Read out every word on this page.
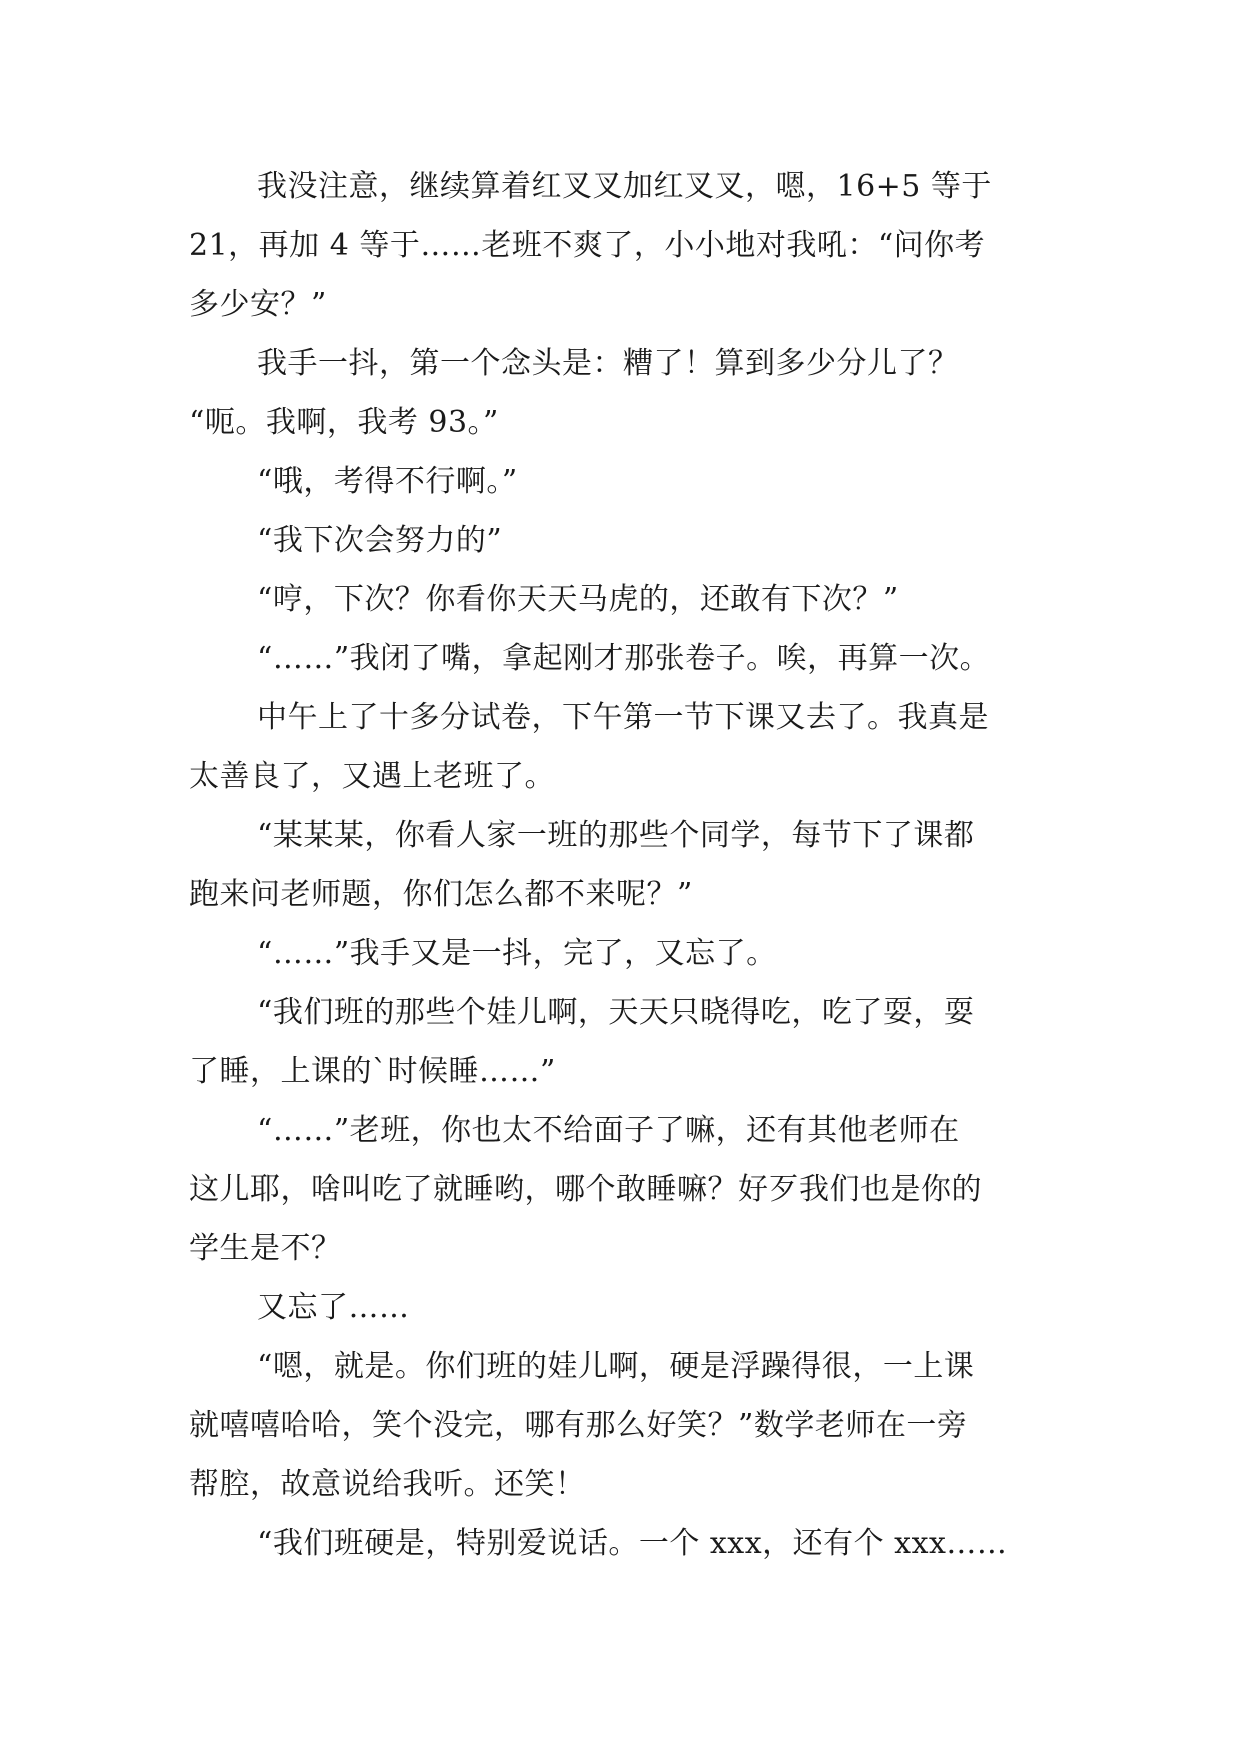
我没注意，继续算着红叉叉加红叉叉，嗯，16+5 等于
21，再加 4 等于……老班不爽了，小小地对我吼：“问你考
多少安？”
我手一抖，第一个念头是：糟了！算到多少分儿了？
“呃。我啊，我考 93。”
“哦，考得不行啊。”
“我下次会努力的”
“哼，下次？你看你天天马虎的，还敢有下次？”
“……”我闭了嘴，拿起刚才那张卷子。唉，再算一次。
中午上了十多分试卷，下午第一节下课又去了。我真是
太善良了，又遇上老班了。
“某某某，你看人家一班的那些个同学，每节下了课都
跑来问老师题，你们怎么都不来呢？”
“……”我手又是一抖，完了，又忘了。
“我们班的那些个娃儿啊，天天只晓得吃，吃了耍，耍
了睡，上课的`时候睡……”
“……”老班，你也太不给面子了嘛，还有其他老师在
这儿耶，啥叫吃了就睡哟，哪个敢睡嘛？好歹我们也是你的
学生是不？
又忘了……
“嗯，就是。你们班的娃儿啊，硬是浮躁得很，一上课
就嘻嘻哈哈，笑个没完，哪有那么好笑？”数学老师在一旁
帮腔，故意说给我听。还笑！
“我们班硬是，特别爱说话。一个 xxx，还有个 xxx……
